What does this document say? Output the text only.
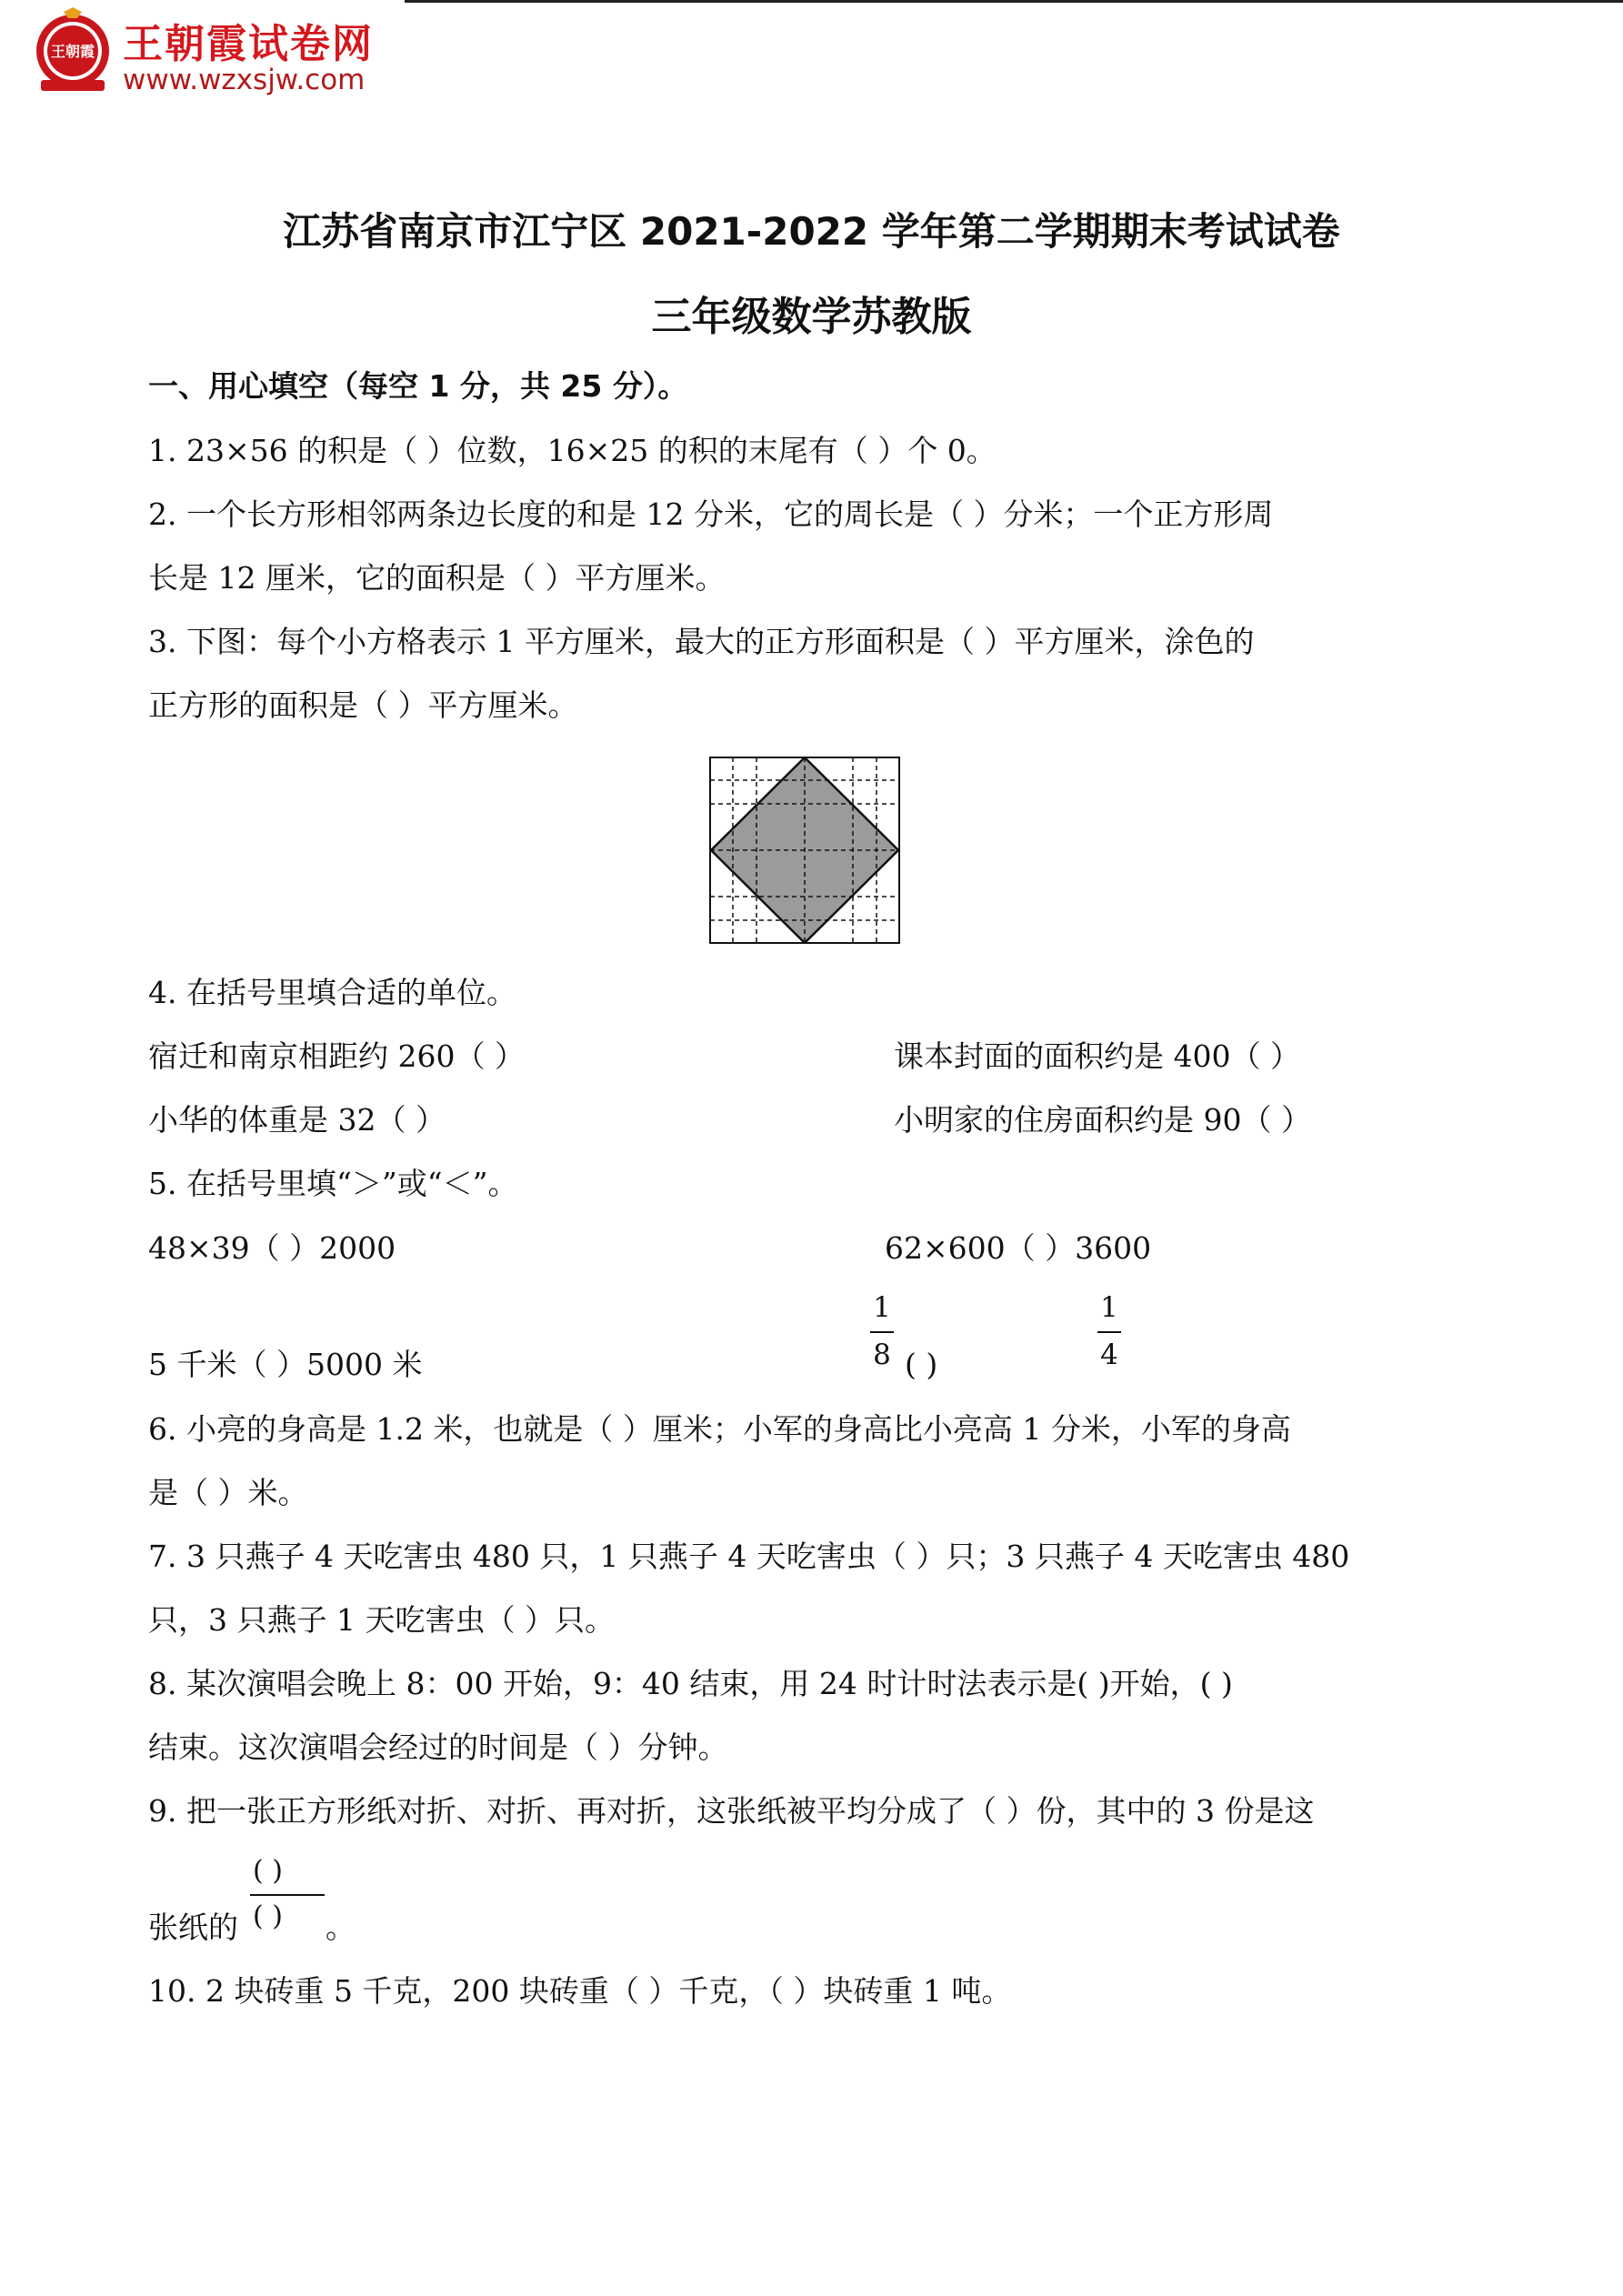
王朝霞 王朝霞试卷网
www.wzxsjw.com
江苏省南京市江宁区 2021-2022 学年第二学期期末考试试卷
三年级数学苏教版
一、用心填空（每空 1 分，共 25 分）。
1. 23×56 的积是（ ）位数，16×25 的积的末尾有（ ）个 0。
2. 一个长方形相邻两条边长度的和是 12 分米，它的周长是（ ）分米；一个正方形周
长是 12 厘米，它的面积是（ ）平方厘米。
3. 下图：每个小方格表示 1 平方厘米，最大的正方形面积是（ ）平方厘米，涂色的
正方形的面积是（ ）平方厘米。
4. 在括号里填合适的单位。
宿迁和南京相距约 260（ ）	课本封面的面积约是 400（ ）
小华的体重是 32（ ）	小明家的住房面积约是 90（ ）
5. 在括号里填“＞”或“＜”。
48×39（ ）2000	62×600（ ）3600
5 千米（ ）5000 米
1
8 ( )
1
4
6. 小亮的身高是 1.2 米，也就是（ ）厘米；小军的身高比小亮高 1 分米，小军的身高
是（ ）米。
7. 3 只燕子 4 天吃害虫 480 只，1 只燕子 4 天吃害虫（ ）只；3 只燕子 4 天吃害虫 480
只，3 只燕子 1 天吃害虫（ ）只。
8. 某次演唱会晚上 8：00 开始，9：40 结束，用 24 时计时法表示是( )开始，( )
结束。这次演唱会经过的时间是（ ）分钟。
9. 把一张正方形纸对折、对折、再对折，这张纸被平均分成了（ ）份，其中的 3 份是这
( )
张纸的 ( ) 。
10. 2 块砖重 5 千克，200 块砖重（ ）千克，（ ）块砖重 1 吨。
